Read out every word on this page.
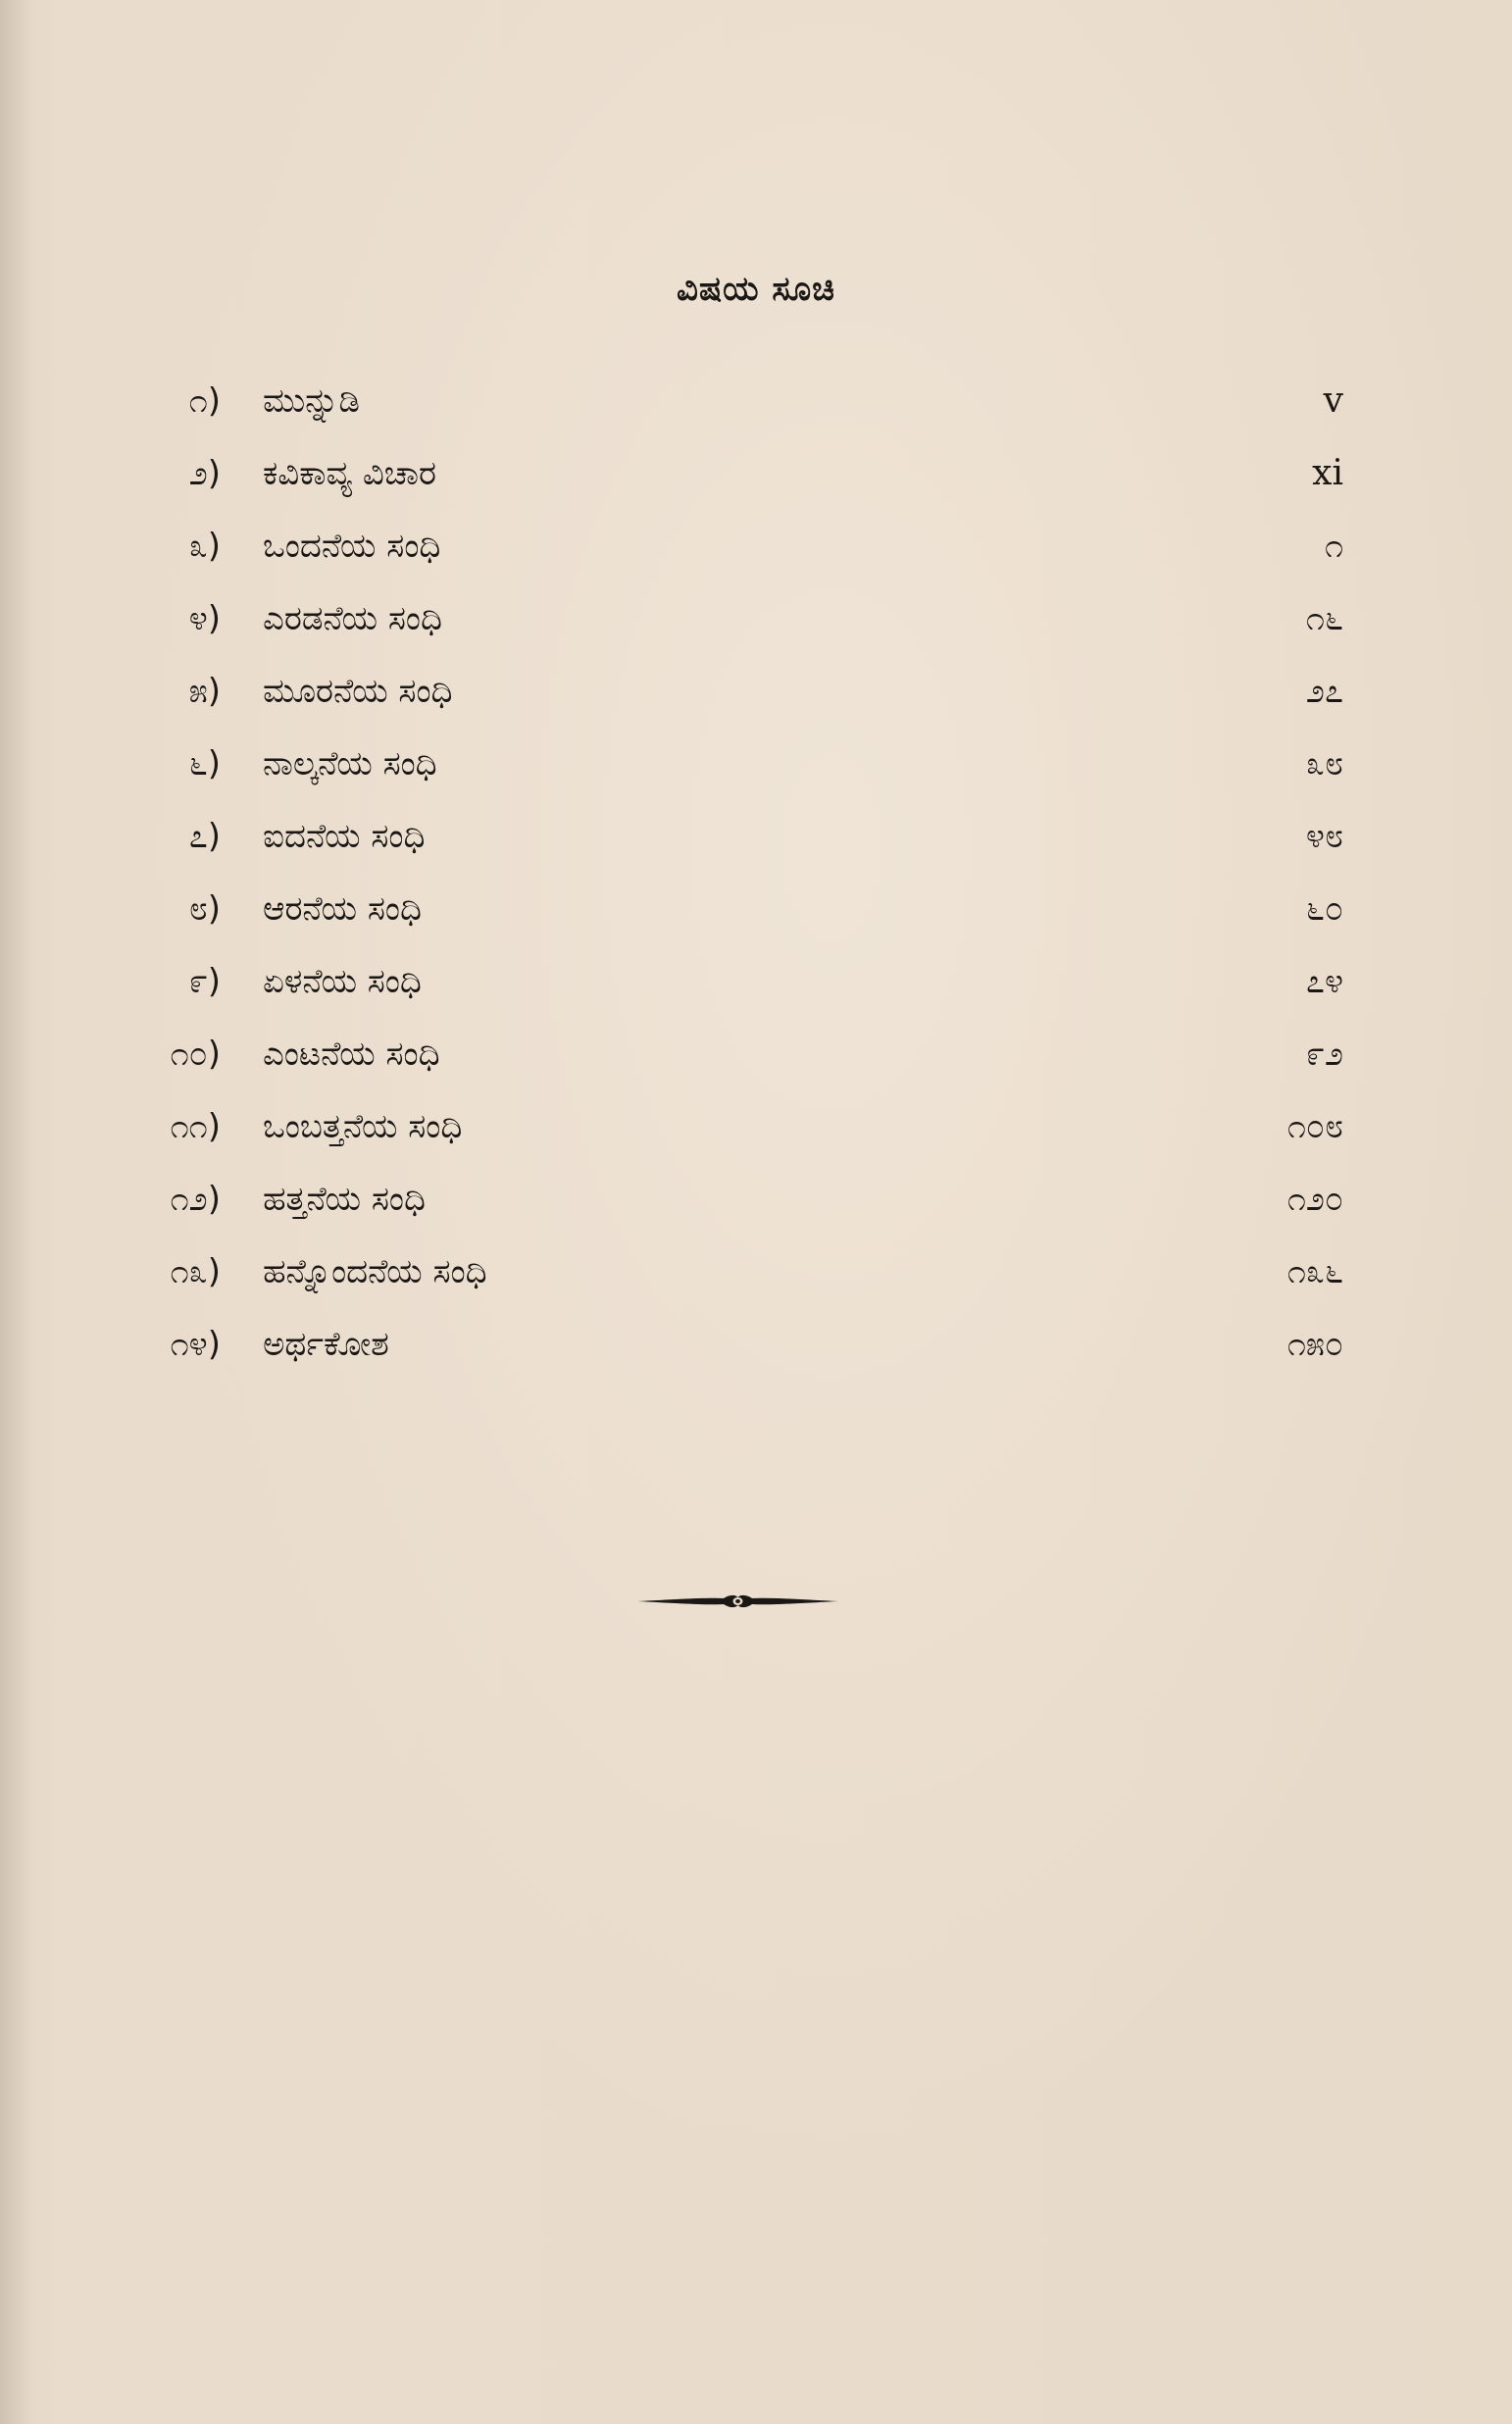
ವಿಷಯ ಸೂಚಿ
೧) ಮುನ್ನುಡಿ	v
೨) ಕವಿಕಾವ್ಯ ವಿಚಾರ	xi
೩) ಒಂದನೆಯ ಸಂಧಿ	೧
೪) ಎರಡನೆಯ ಸಂಧಿ	೧೬
೫) ಮೂರನೆಯ ಸಂಧಿ	೨೭
೬) ನಾಲ್ಕನೆಯ ಸಂಧಿ	೩೮
೭) ಐದನೆಯ ಸಂಧಿ	೪೮
೮) ಆರನೆಯ ಸಂಧಿ	೬೦
೯) ಏಳನೆಯ ಸಂಧಿ	೭೪
೧೦) ಎಂಟನೆಯ ಸಂಧಿ	೯೨
೧೧) ಒಂಬತ್ತನೆಯ ಸಂಧಿ	೧೦೮
೧೨) ಹತ್ತನೆಯ ಸಂಧಿ	೧೨೦
೧೩) ಹನ್ನೊಂದನೆಯ ಸಂಧಿ	೧೩೬
೧೪) ಅರ್ಥಕೋಶ	೧೫೦
